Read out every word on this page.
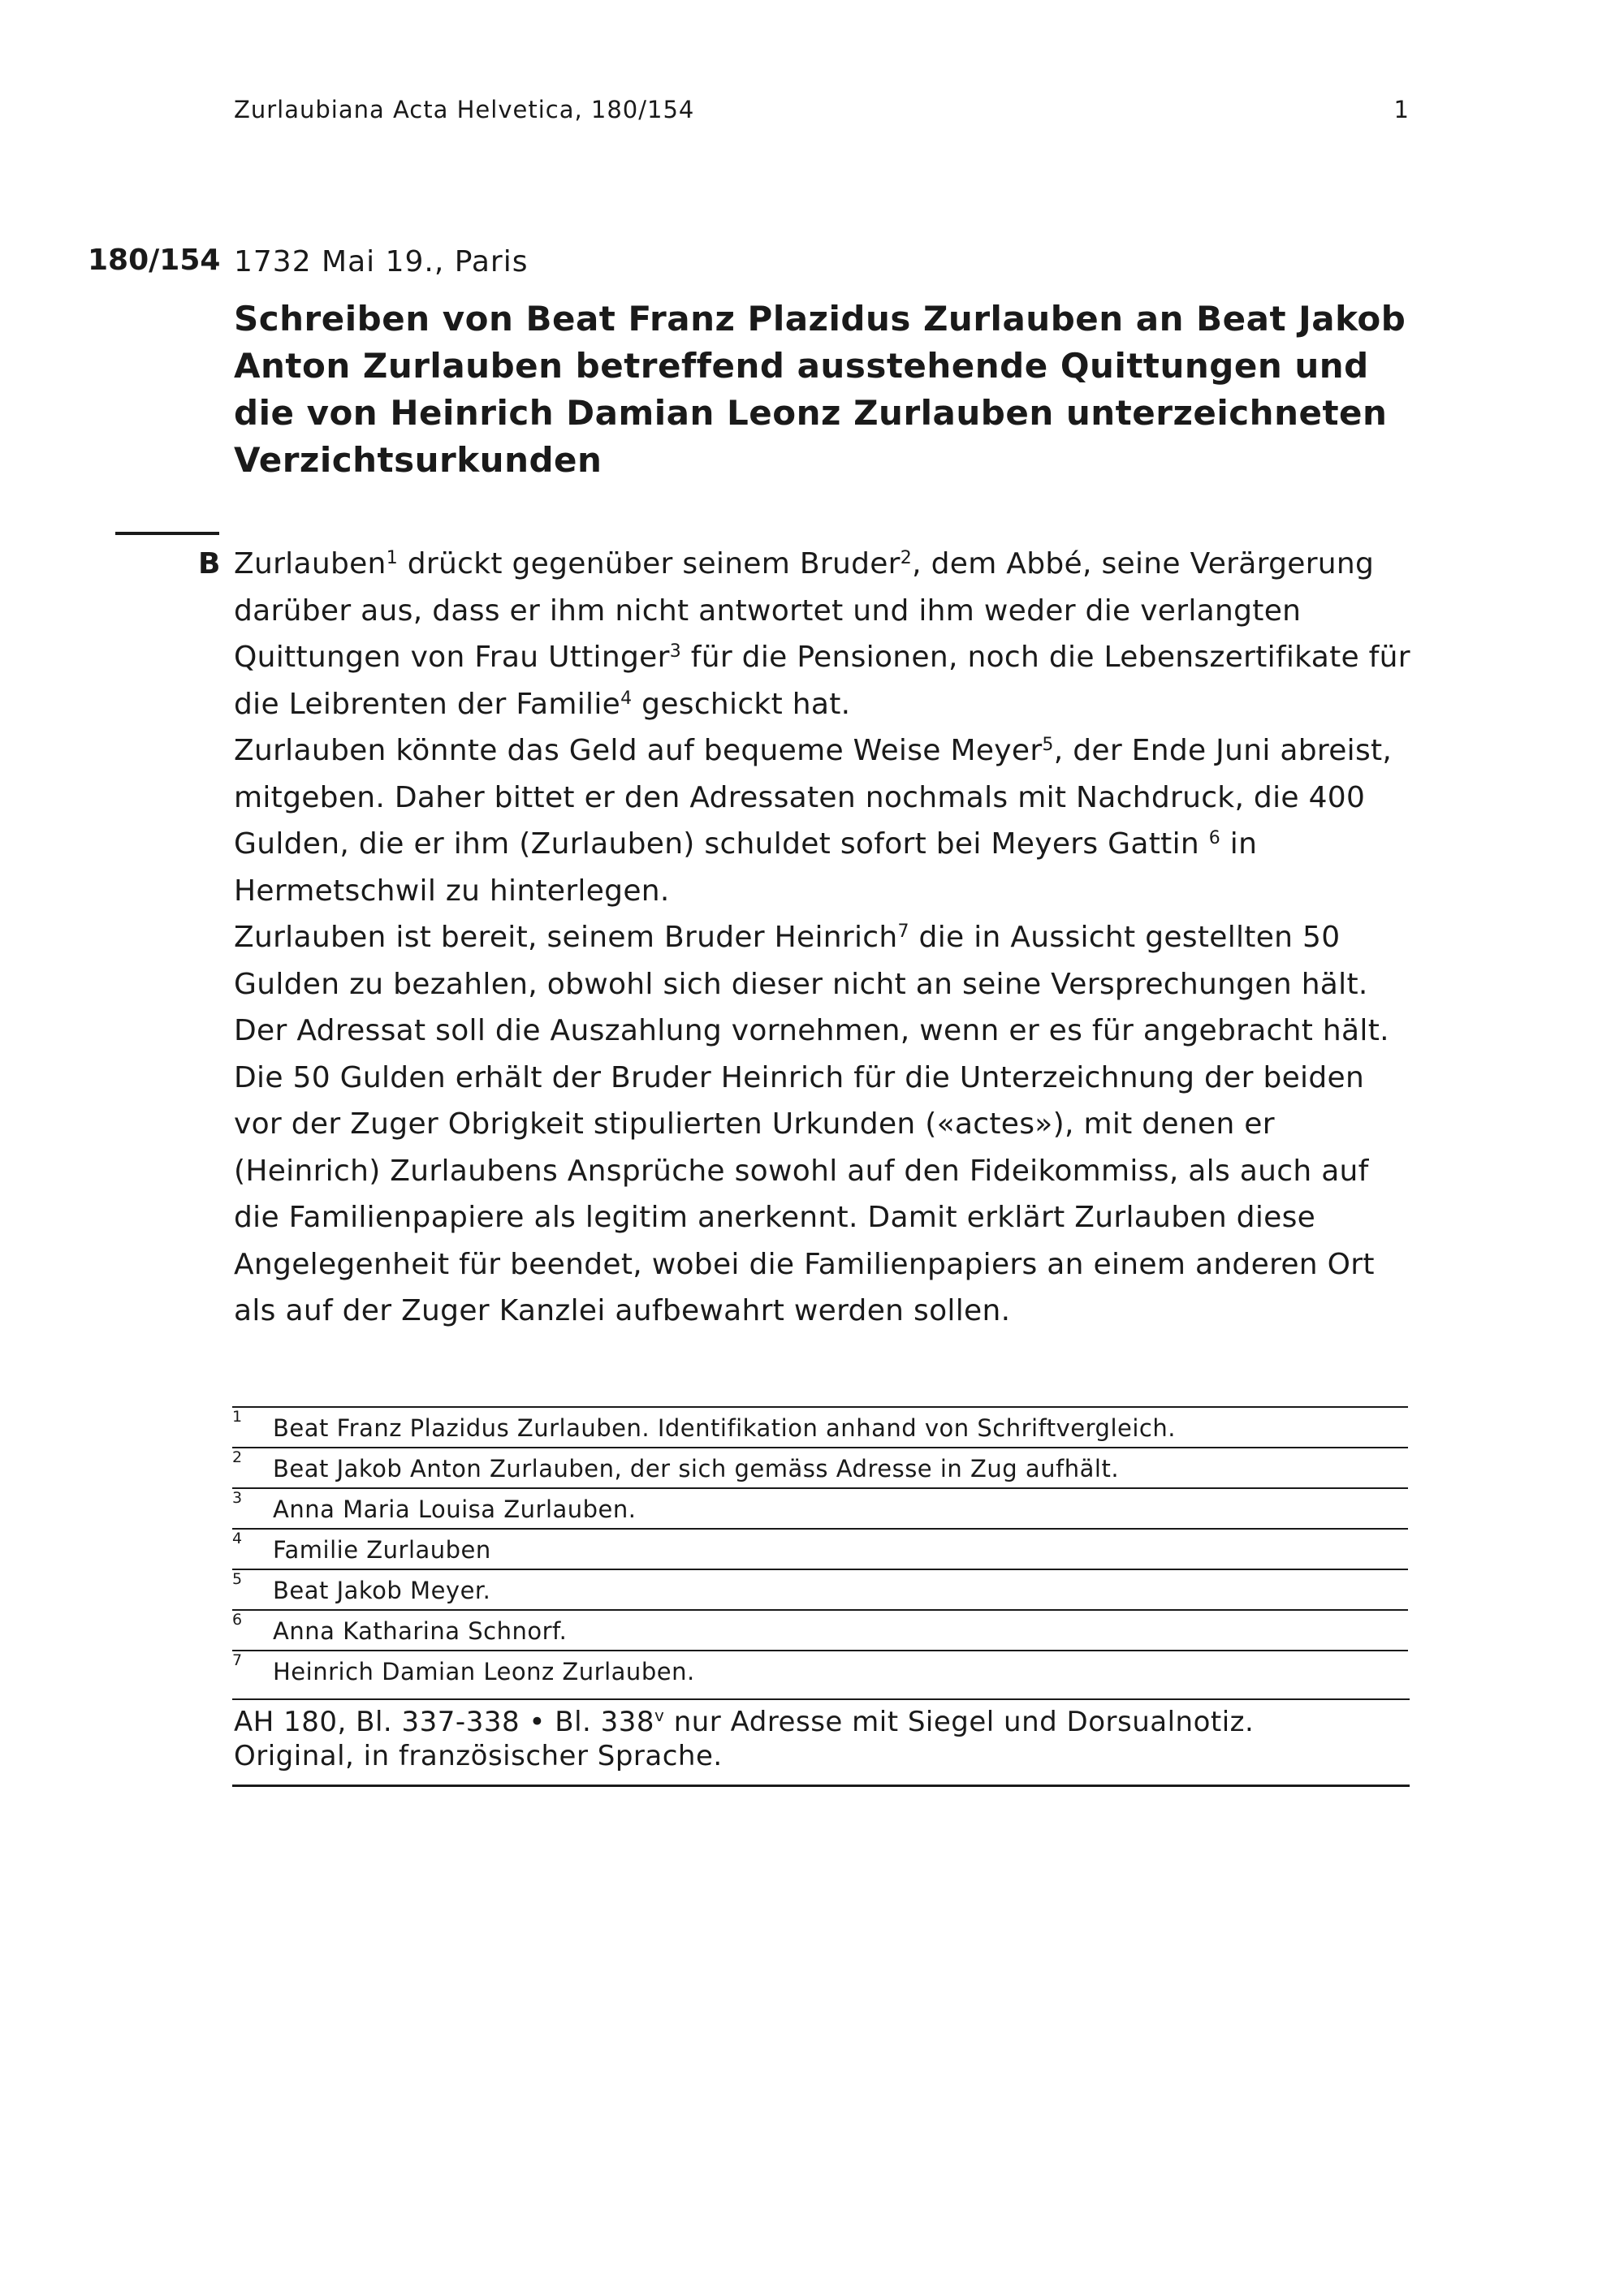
Zurlaubiana Acta Helvetica, 180/154	1
180/154 1732 Mai 19., Paris
Schreiben von Beat Franz Plazidus Zurlauben an Beat Jakob Anton Zurlauben betreffend ausstehende Quittungen und die von Heinrich Damian Leonz Zurlauben unterzeichneten Verzichtsurkunden
B Zurlauben$^1$ drückt gegenüber seinem Bruder$^2$, dem Abbé, seine Verärgerung darüber aus, dass er ihm nicht antwortet und ihm weder die verlangten Quittungen von Frau Uttinger$^3$ für die Pensionen, noch die Lebenszertifikate für die Leibrenten der Familie$^4$ geschickt hat.

Zurlauben könnte das Geld auf bequeme Weise Meyer$^5$, der Ende Juni abreist, mitgeben. Daher bittet er den Adressaten nochmals mit Nachdruck, die 400 Gulden, die er ihm (Zurlauben) schuldet sofort bei Meyers Gattin $^6$ in Hermetschwil zu hinterlegen.

Zurlauben ist bereit, seinem Bruder Heinrich$^7$ die in Aussicht gestellten 50 Gulden zu bezahlen, obwohl sich dieser nicht an seine Versprechungen hält. Der Adressat soll die Auszahlung vornehmen, wenn er es für angebracht hält. Die 50 Gulden erhält der Bruder Heinrich für die Unterzeichnung der beiden vor der Zuger Obrigkeit stipulierten Urkunden («actes»), mit denen er (Heinrich) Zurlaubens Ansprüche sowohl auf den Fideikommiss, als auch auf die Familienpapiere als legitim anerkennt. Damit erklärt Zurlauben diese Angelegenheit für beendet, wobei die Familienpapiers an einem anderen Ort als auf der Zuger Kanzlei aufbewahrt werden sollen.

1 Beat Franz Plazidus Zurlauben. Identifikation anhand von Schriftvergleich.
2 Beat Jakob Anton Zurlauben, der sich gemäss Adresse in Zug aufhält.
3 Anna Maria Louisa Zurlauben.
4 Familie Zurlauben
5 Beat Jakob Meyer.
6 Anna Katharina Schnorf.
7 Heinrich Damian Leonz Zurlauben.
AH 180, Bl. 337-338 • Bl. 338$^v$ nur Adresse mit Siegel und Dorsualnotiz.
Original, in französischer Sprache.
